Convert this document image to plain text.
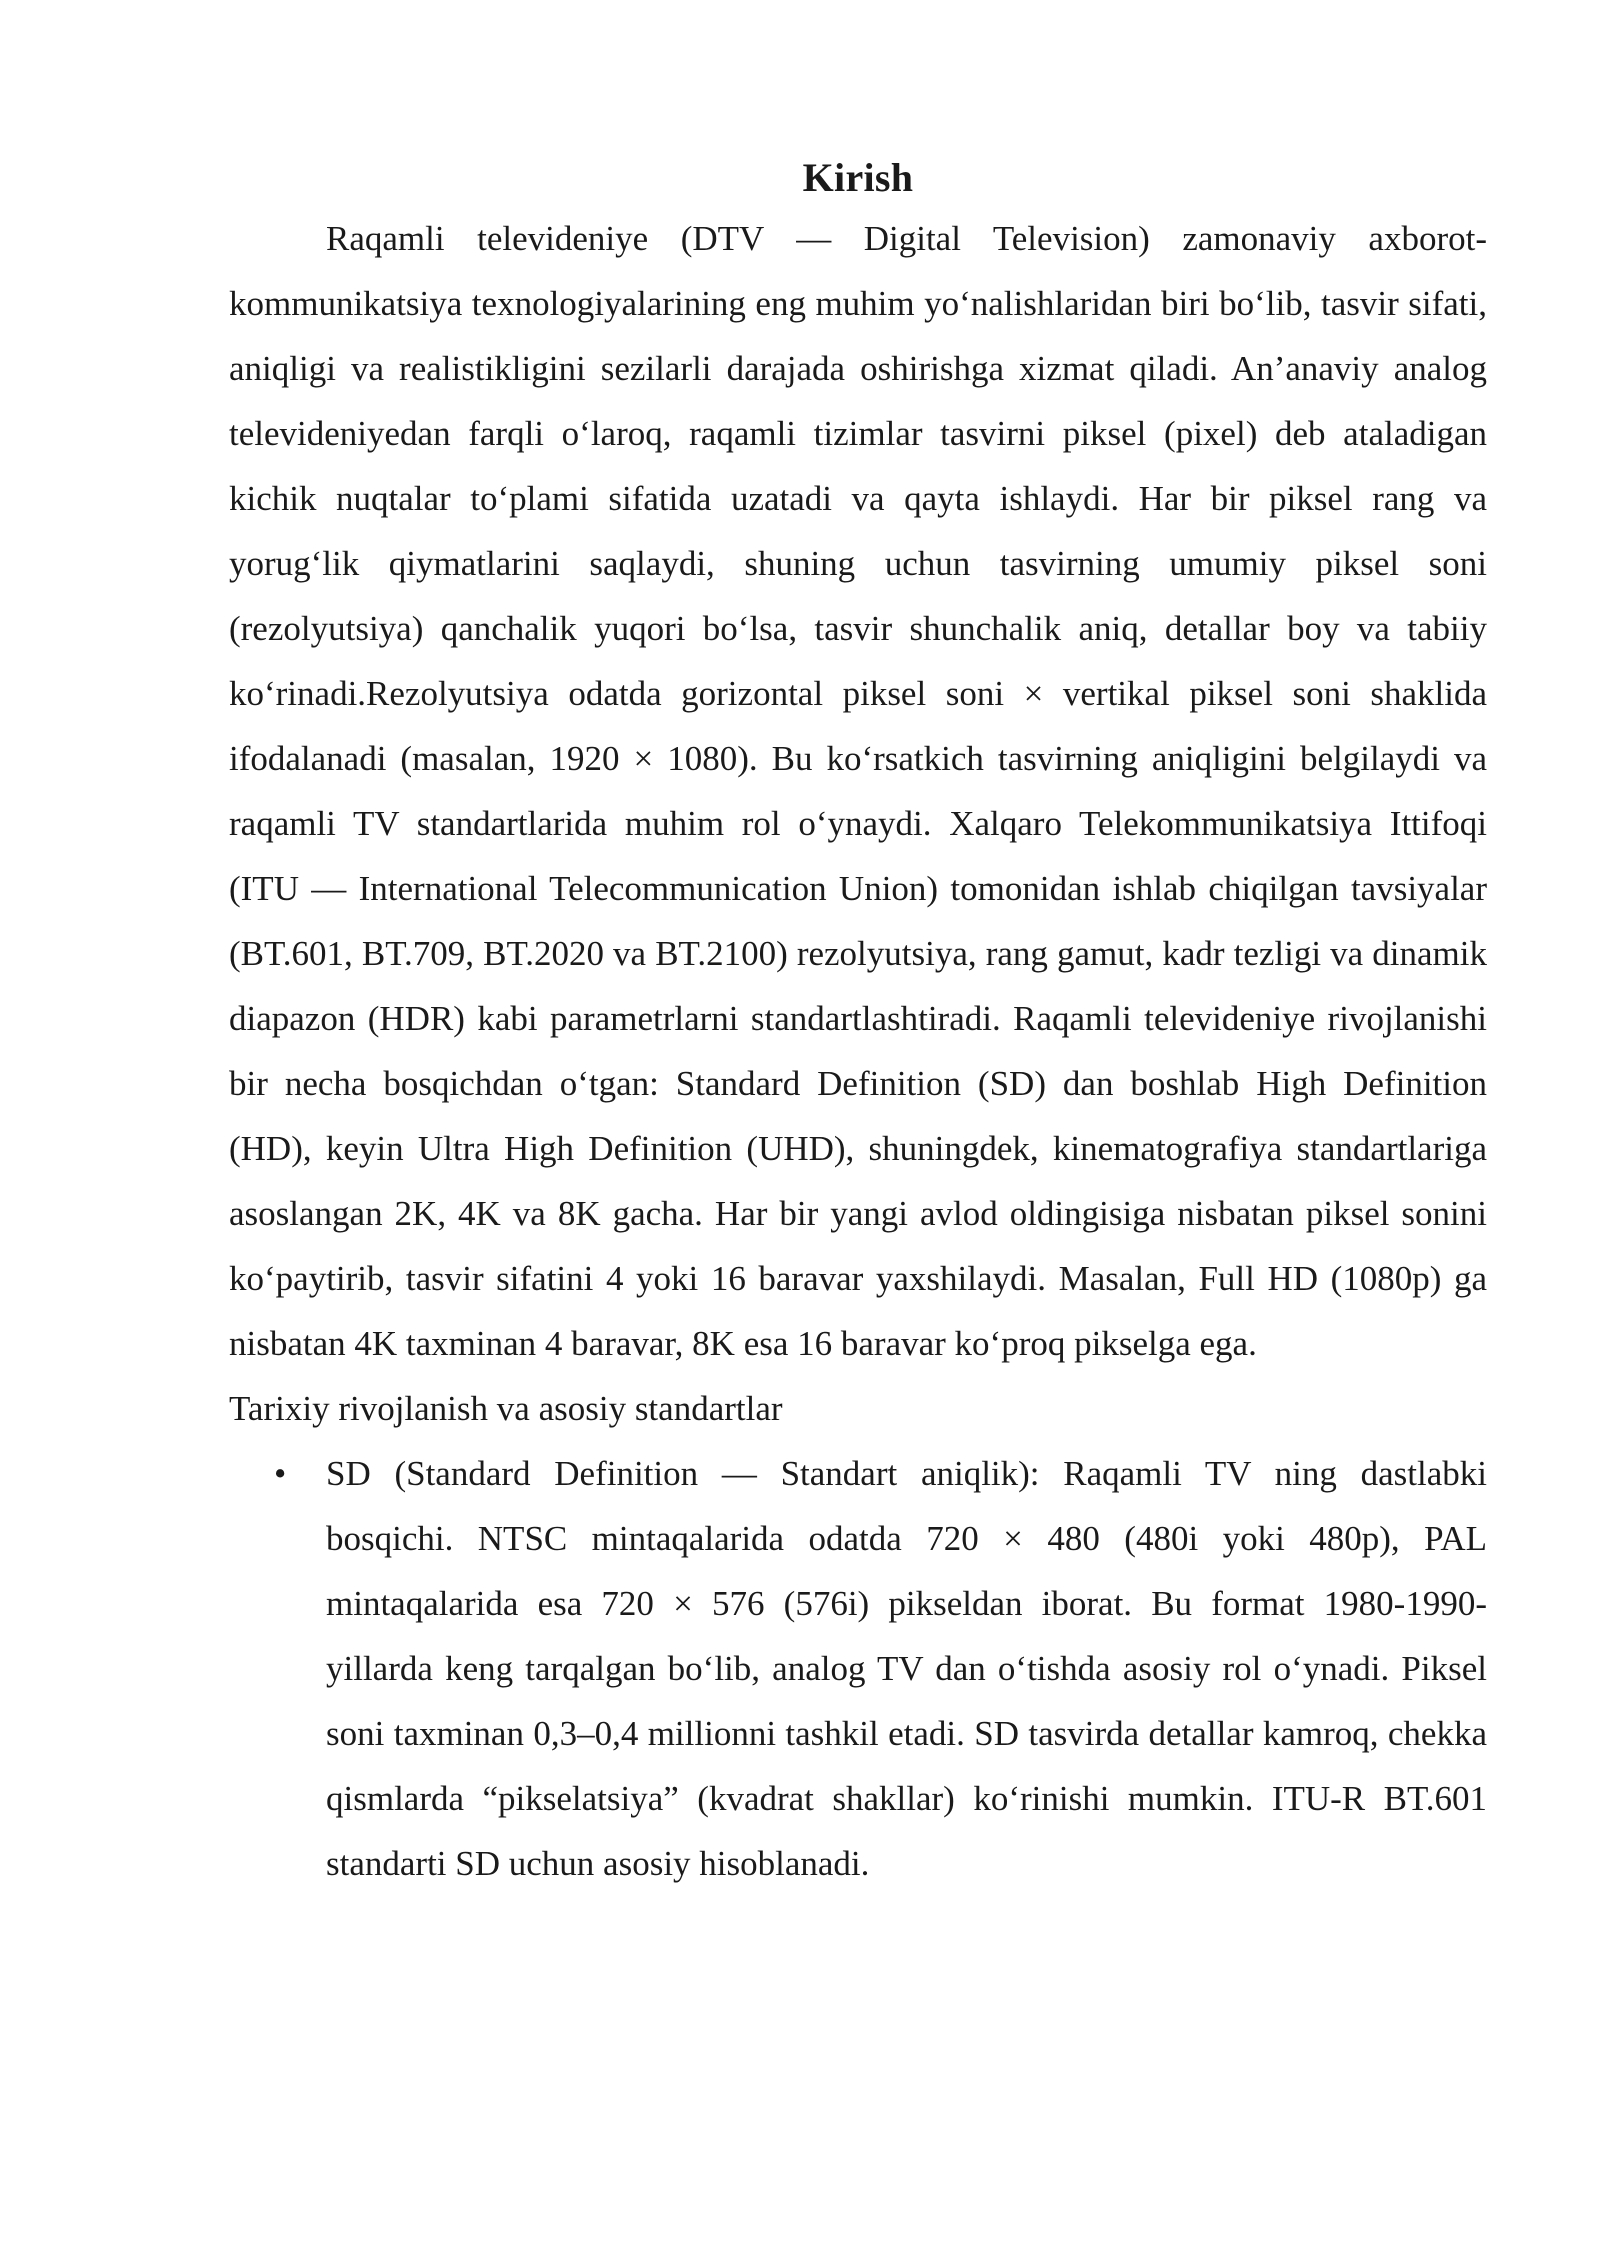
Kirish

Raqamli televideniye (DTV — Digital Television) zamonaviy axborot-kommunikatsiya texnologiyalarining eng muhim yo‘nalishlaridan biri bo‘lib, tasvir sifati, aniqligi va realistikligini sezilarli darajada oshirishga xizmat qiladi. An’anaviy analog televideniyedan farqli o‘laroq, raqamli tizimlar tasvirni piksel (pixel) deb ataladigan kichik nuqtalar to‘plami sifatida uzatadi va qayta ishlaydi. Har bir piksel rang va yorug‘lik qiymatlarini saqlaydi, shuning uchun tasvirning umumiy piksel soni (rezolyutsiya) qanchalik yuqori bo‘lsa, tasvir shunchalik aniq, detallar boy va tabiiy ko‘rinadi.Rezolyutsiya odatda gorizontal piksel soni × vertikal piksel soni shaklida ifodalanadi (masalan, 1920 × 1080). Bu ko‘rsatkich tasvirning aniqligini belgilaydi va raqamli TV standartlarida muhim rol o‘ynaydi. Xalqaro Telekommunikatsiya Ittifoqi (ITU — International Telecommunication Union) tomonidan ishlab chiqilgan tavsiyalar (BT.601, BT.709, BT.2020 va BT.2100) rezolyutsiya, rang gamut, kadr tezligi va dinamik diapazon (HDR) kabi parametrlarni standartlashtiradi. Raqamli televideniye rivojlanishi bir necha bosqichdan o‘tgan: Standard Definition (SD) dan boshlab High Definition (HD), keyin Ultra High Definition (UHD), shuningdek, kinematografiya standartlariga asoslangan 2K, 4K va 8K gacha. Har bir yangi avlod oldingisiga nisbatan piksel sonini ko‘paytirib, tasvir sifatini 4 yoki 16 baravar yaxshilaydi. Masalan, Full HD (1080p) ga nisbatan 4K taxminan 4 baravar, 8K esa 16 baravar ko‘proq pikselga ega.

Tarixiy rivojlanish va asosiy standartlar

• SD (Standard Definition — Standart aniqlik): Raqamli TV ning dastlabki bosqichi. NTSC mintaqalarida odatda 720 × 480 (480i yoki 480p), PAL mintaqalarida esa 720 × 576 (576i) pikseldan iborat. Bu format 1980-1990-yillarda keng tarqalgan bo‘lib, analog TV dan o‘tishda asosiy rol o‘ynadi. Piksel soni taxminan 0,3–0,4 millionni tashkil etadi. SD tasvirda detallar kamroq, chekka qismlarda “pikselatsiya” (kvadrat shakllar) ko‘rinishi mumkin. ITU-R BT.601 standarti SD uchun asosiy hisoblanadi.
